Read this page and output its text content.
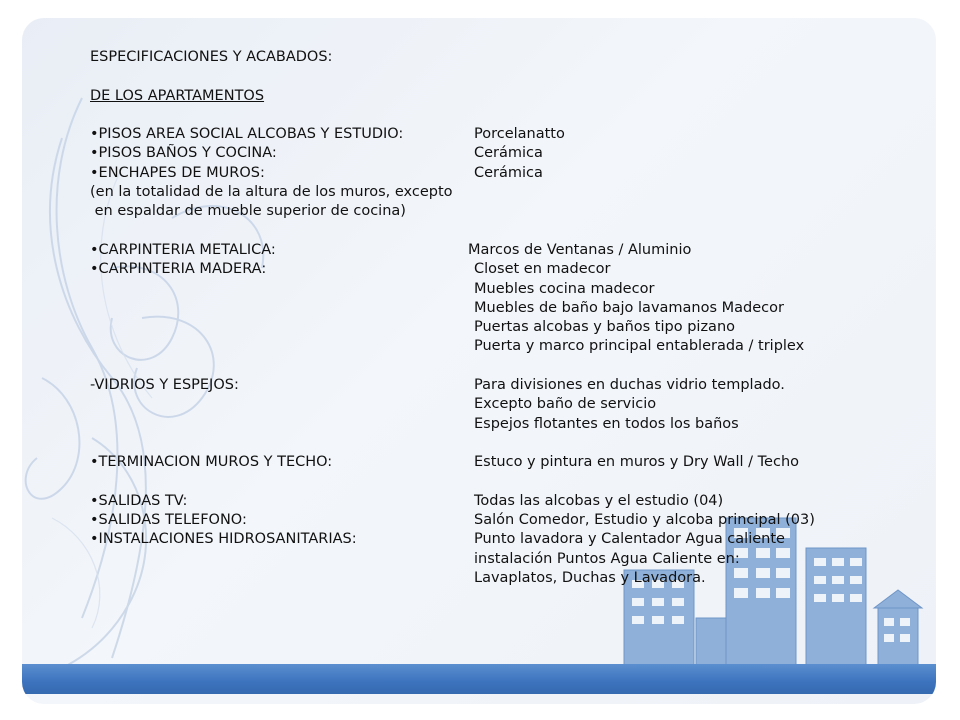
ESPECIFICACIONES Y ACABADOS:
DE LOS APARTAMENTOS
•PISOS AREA SOCIAL ALCOBAS Y ESTUDIO:	Porcelanatto
•PISOS BAÑOS Y COCINA:	Cerámica
•ENCHAPES DE MUROS:	Cerámica
(en la totalidad de la altura de los muros, excepto
en espaldar de mueble superior de cocina)
•CARPINTERIA METALICA:	Marcos de Ventanas / Aluminio
•CARPINTERIA MADERA:	Closet en madecor
Muebles cocina madecor
Muebles de baño bajo lavamanos Madecor
Puertas alcobas y baños tipo pizano
Puerta y marco principal entablerada / triplex
-VIDRIOS Y ESPEJOS:	Para divisiones en duchas vidrio templado.
Excepto baño de servicio
Espejos flotantes en todos los baños
•TERMINACION MUROS Y TECHO:	Estuco y pintura en muros y Dry Wall / Techo
•SALIDAS TV:	Todas las alcobas y el estudio (04)
•SALIDAS TELEFONO:	Salón Comedor, Estudio y alcoba principal (03)
•INSTALACIONES HIDROSANITARIAS:	Punto lavadora y Calentador Agua caliente
instalación Puntos Agua Caliente en:
Lavaplatos, Duchas y Lavadora.
